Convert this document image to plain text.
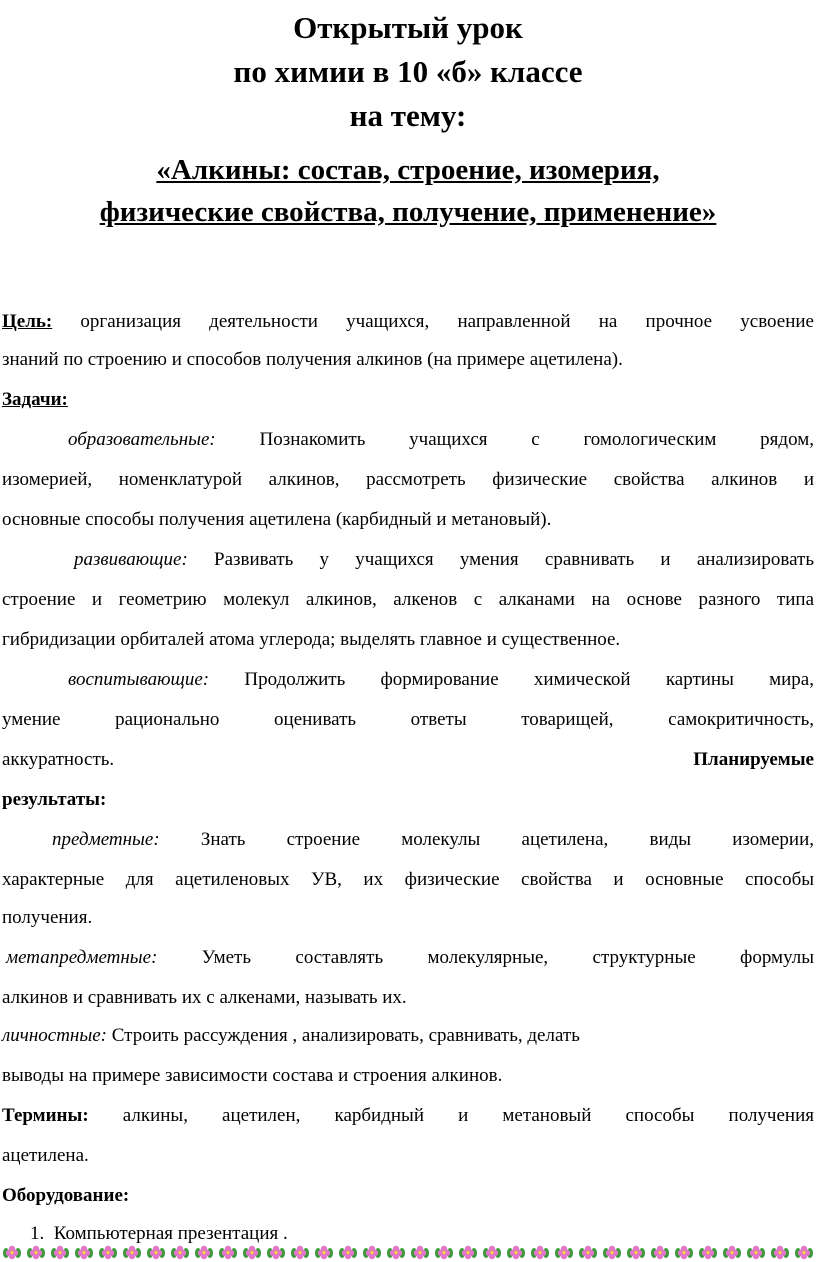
Открытый урок
по химии в 10 «б» классе
на тему:
«Алкины: состав, строение, изомерия,
физические свойства, получение, применение»
Цель: организация деятельности учащихся, направленной на прочное усвоение
знаний по строению и способов получения алкинов (на примере ацетилена).
Задачи:
образовательные: Познакомить учащихся с гомологическим рядом,
изомерией, номенклатурой алкинов, рассмотреть физические свойства алкинов и
основные способы получения ацетилена (карбидный и метановый).
развивающие: Развивать у учащихся умения сравнивать и анализировать
строение и геометрию молекул алкинов, алкенов с алканами на основе разного типа
гибридизации орбиталей атома углерода; выделять главное и существенное.
воспитывающие: Продолжить формирование химической картины мира,
умение рационально оценивать ответы товарищей, самокритичность,
аккуратность.	Планируемые
результаты:
предметные: Знать строение молекулы ацетилена, виды изомерии,
характерные для ацетиленовых УВ, их физические свойства и основные способы
получения.
метапредметные: Уметь составлять молекулярные, структурные формулы
алкинов и сравнивать их с алкенами, называть их.
личностные: Строить рассуждения , анализировать, сравнивать, делать
выводы на примере зависимости состава и строения алкинов.
Термины: алкины, ацетилен, карбидный и метановый способы получения
ацетилена.
Оборудование:
1.  Компьютерная презентация .
